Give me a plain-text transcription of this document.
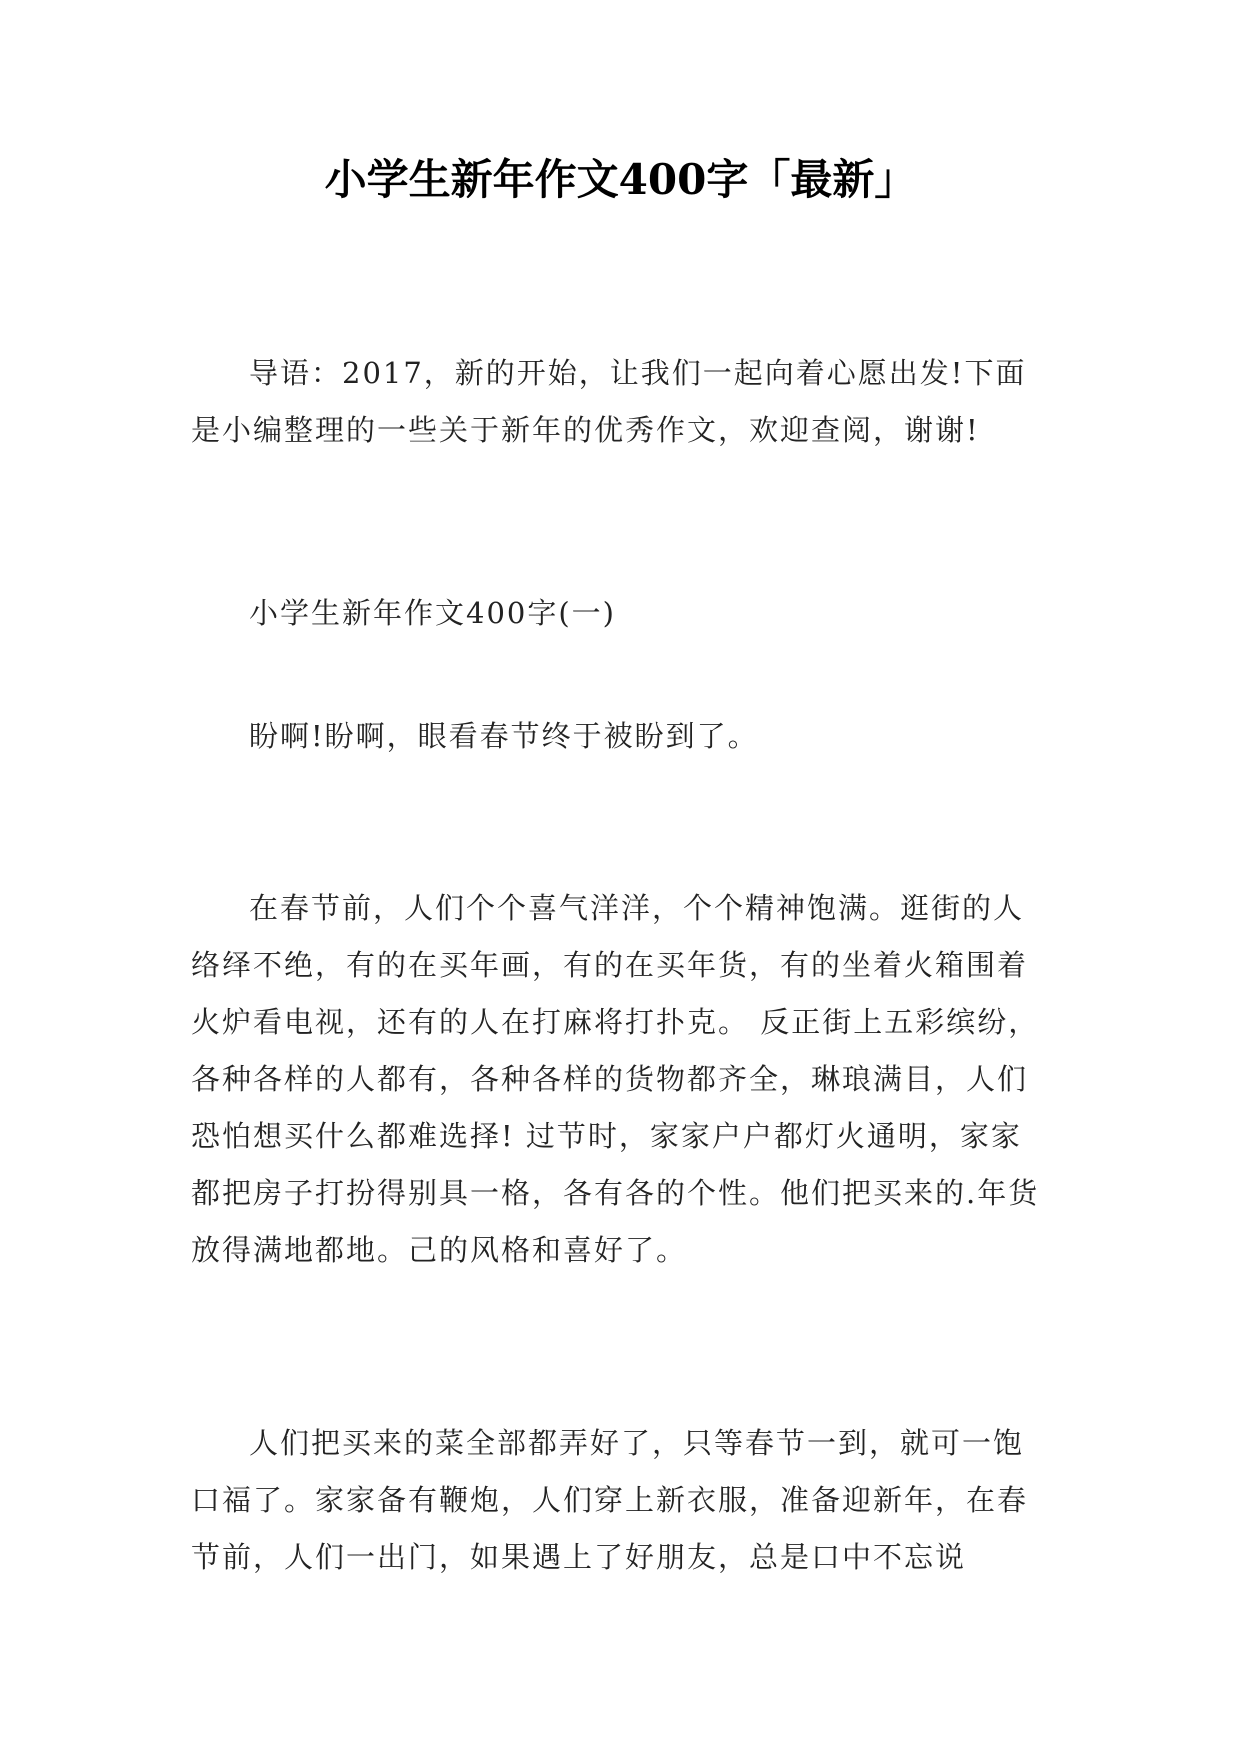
小学生新年作文400字「最新」

导语：2017，新的开始，让我们一起向着心愿出发!下面是小编整理的一些关于新年的优秀作文，欢迎查阅，谢谢!

小学生新年作文400字(一)

盼啊!盼啊，眼看春节终于被盼到了。

在春节前，人们个个喜气洋洋，个个精神饱满。逛街的人络绎不绝，有的在买年画，有的在买年货，有的坐着火箱围着火炉看电视，还有的人在打麻将打扑克。 反正街上五彩缤纷，各种各样的人都有，各种各样的货物都齐全，琳琅满目，人们恐怕想买什么都难选择! 过节时，家家户户都灯火通明，家家都把房子打扮得别具一格，各有各的个性。他们把买来的.年货放得满地都地。己的风格和喜好了。

人们把买来的菜全部都弄好了，只等春节一到，就可一饱口福了。家家备有鞭炮，人们穿上新衣服，准备迎新年，在春节前，人们一出门，如果遇上了好朋友，总是口中不忘说
